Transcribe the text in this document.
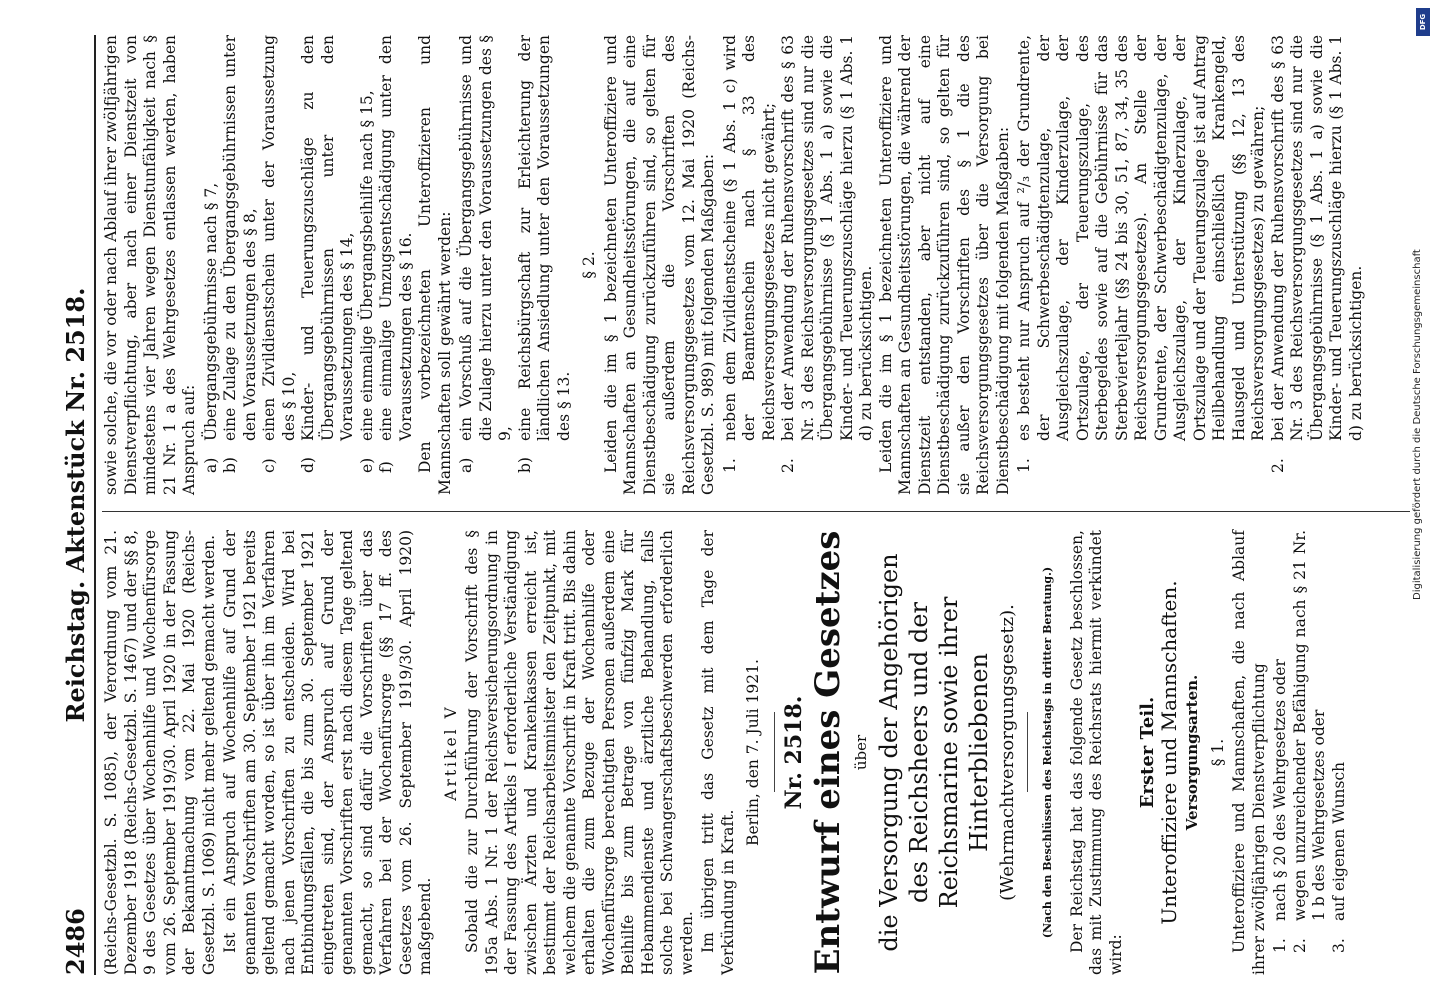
2486
Reichstag. Aktenstück Nr. 2518.

(Reichs-Gesetzbl. S. 1085), der Verordnung vom 21. Dezember 1918 (Reichs-Gesetzbl. S. 1467) und der §§ 8, 9 des Gesetzes über Wochenhilfe und Wochenfürsorge vom 26. September 1919/30. April 1920 in der Fassung der Bekanntmachung vom 22. Mai 1920 (Reichs-Gesetzbl. S. 1069) nicht mehr geltend gemacht werden. Ist ein Anspruch auf Wochenhilfe auf Grund der genannten Vorschriften am 30. September 1921 bereits geltend gemacht worden, so ist über ihn im Verfahren nach jenen Vorschriften zu entscheiden. Wird bei Entbindungsfällen, die bis zum 30. September 1921 eingetreten sind, der Anspruch auf Grund der genannten Vorschriften erst nach diesem Tage geltend gemacht, so sind dafür die Vorschriften über das Verfahren bei der Wochenfürsorge (§§ 17 ff. des Gesetzes vom 26. September 1919/30. April 1920) maßgebend.

Artikel V Sobald die zur Durchführung der Vorschrift des § 195a Abs. 1 Nr. 1 der Reichsversicherungsordnung in der Fassung des Artikels I erforderliche Verständigung zwischen Ärzten und Krankenkassen erreicht ist, bestimmt der Reichsarbeitsminister den Zeitpunkt, mit welchem die genannte Vorschrift in Kraft tritt. Bis dahin erhalten die zum Bezuge der Wochenhilfe oder Wochenfürsorge berechtigten Personen außerdem eine Beihilfe bis zum Betrage von fünfzig Mark für Hebammendienste und ärztliche Behandlung, falls solche bei Schwangerschaftsbeschwerden erforderlich werden. Im übrigen tritt das Gesetz mit dem Tage der Verkündung in Kraft.

Berlin, den 7. Juli 1921. Nr. 2518. Entwurf eines Gesetzes über die Versorgung der Angehörigen des Reichsheers und der Reichsmarine sowie ihrer Hinterbliebenen (Wehrmachtversorgungsgesetz). (Nach den Beschlüssen des Reichstags in dritter Beratung.) Der Reichstag hat das folgende Gesetz beschlossen, das mit Zustimmung des Reichsrats hiermit verkündet wird:

Erster Teil.
Unteroffiziere und Mannschaften. Versorgungsarten. § 1. Unteroffiziere und Mannschaften, die nach Ablauf ihrer zwölfjährigen Dienstverpflichtung 1.
nach § 20 des Wehrgesetzes oder
2.
wegen unzureichender Befähigung nach § 21 Nr. 1 b des Wehrgesetzes oder
3.
auf eigenen Wunsch

sowie solche, die vor oder nach Ablauf ihrer zwölfjährigen Dienstverpflichtung, aber nach einer Dienstzeit von mindestens vier Jahren wegen Dienstunfähigkeit nach § 21 Nr. 1 a des Wehrgesetzes entlassen werden, haben Anspruch auf: a)
Übergangsgebührnisse nach § 7,
b)
eine Zulage zu den Übergangsgebührnissen unter den Voraussetzungen des § 8,
c)
einen Zivildienstschein unter der Voraussetzung des § 10,
d)
Kinder- und Teuerungszuschläge zu den Übergangsgebührnissen unter den Voraussetzungen des § 14,
e)
eine einmalige Übergangsbeihilfe nach § 15,
f)
eine einmalige Umzugsentschädigung unter den Voraussetzungen des § 16. Den vorbezeichneten Unteroffizieren und Mannschaften soll gewährt werden: a)
ein Vorschuß auf die Übergangsgebührnisse und die Zulage hierzu unter den Voraussetzungen des § 9,
b)
eine Reichsbürgschaft zur Erleichterung der ländlichen Ansiedlung unter den Voraussetzungen des § 13.
§ 2. Leiden die im § 1 bezeichneten Unteroffiziere und Mannschaften an Gesundheitsstörungen, die auf eine Dienstbeschädigung zurückzuführen sind, so gelten für sie außerdem die Vorschriften des Reichsversorgungsgesetzes vom 12. Mai 1920 (Reichs-Gesetzbl. S. 989) mit folgenden Maßgaben: 1.
neben dem Zivildienstscheine (§ 1 Abs. 1 c) wird der Beamtenschein nach § 33 des Reichsversorgungsgesetzes nicht gewährt;
2.
bei der Anwendung der Ruhensvorschrift des § 63 Nr. 3 des Reichsversorgungsgesetzes sind nur die Übergangsgebührnisse (§ 1 Abs. 1 a) sowie die Kinder- und Teuerungszuschläge hierzu (§ 1 Abs. 1 d) zu berücksichtigen. Leiden die im § 1 bezeichneten Unteroffiziere und Mannschaften an Gesundheitsstörungen, die während der Dienstzeit entstanden, aber nicht auf eine Dienstbeschädigung zurückzuführen sind, so gelten für sie außer den Vorschriften des § 1 die des Reichsversorgungsgesetzes über die Versorgung bei Dienstbeschädigung mit folgenden Maßgaben: 1.
es besteht nur Anspruch auf ²/₃ der Grundrente, der Schwerbeschädigtenzulage, der Ausgleichszulage, der Kinderzulage, der Ortszulage, der Teuerungszulage, des Sterbegeldes sowie auf die Gebührnisse für das Sterbevierteljahr (§§ 24 bis 30, 51, 87, 34, 35 des Reichsversorgungsgesetzes). An Stelle der Grundrente, der Schwerbeschädigtenzulage, der Ausgleichszulage, der Kinderzulage, der Ortszulage und der Teuerungszulage ist auf Antrag Heilbehandlung einschließlich Krankengeld, Hausgeld und Unterstützung (§§ 12, 13 des Reichsversorgungsgesetzes) zu gewähren;
2.
bei der Anwendung der Ruhensvorschrift des § 63 Nr. 3 des Reichsversorgungsgesetzes sind nur die Übergangsgebührnisse (§ 1 Abs. 1 a) sowie die Kinder- und Teuerungszuschläge hierzu (§ 1 Abs. 1 d) zu berücksichtigen.
DFG
Digitalisierung gefördert durch die Deutsche Forschungsgemeinschaft
